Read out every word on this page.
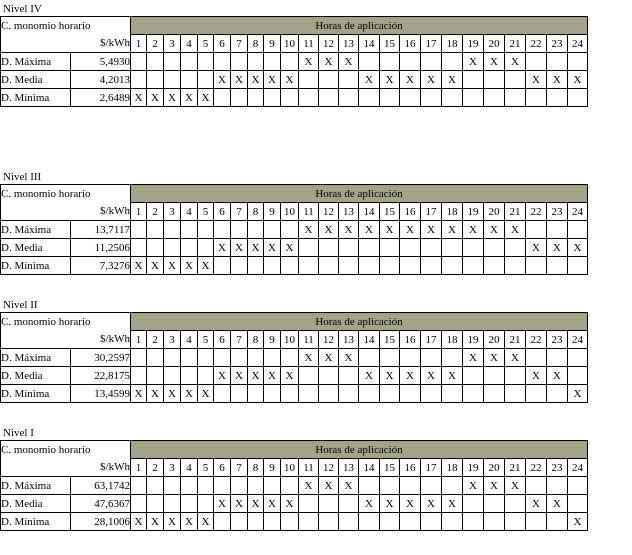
Nivel IV
C. monomio horario		Horas de aplicación																							
$/kWh		1	2	3	4	5	6	7	8	9	10	11	12	13	14	15	16	17	18	19	20	21	22	23	24
D. Máxima	5,4930											X	X	X						X	X	X			
D. Media	4,2013						X	X	X	X	X				X	X	X	X	X				X	X	X
D. Mínima	2,6489	X	X	X	X	X																			
Nivel III
C. monomio horario		Horas de aplicación																							
$/kWh		1	2	3	4	5	6	7	8	9	10	11	12	13	14	15	16	17	18	19	20	21	22	23	24
D. Máxima	13,7117											X	X	X	X	X	X	X	X	X	X	X			
D. Media	11,2506						X	X	X	X	X												X	X	X
D. Mínima	7,3276	X	X	X	X	X																			
Nivel II
C. monomio horario		Horas de aplicación																							
$/kWh		1	2	3	4	5	6	7	8	9	10	11	12	13	14	15	16	17	18	19	20	21	22	23	24
D. Máxima	30,2597											X	X	X						X	X	X			
D. Media	22,8175						X	X	X	X	X				X	X	X	X	X				X	X	
D. Mínima	13,4599	X	X	X	X	X																			X
Nivel I
C. monomio horario		Horas de aplicación																							
$/kWh		1	2	3	4	5	6	7	8	9	10	11	12	13	14	15	16	17	18	19	20	21	22	23	24
D. Máxima	63,1742											X	X	X						X	X	X			
D. Media	47,6367						X	X	X	X	X				X	X	X	X	X				X	X	
D. Mínima	28,1006	X	X	X	X	X																			X
